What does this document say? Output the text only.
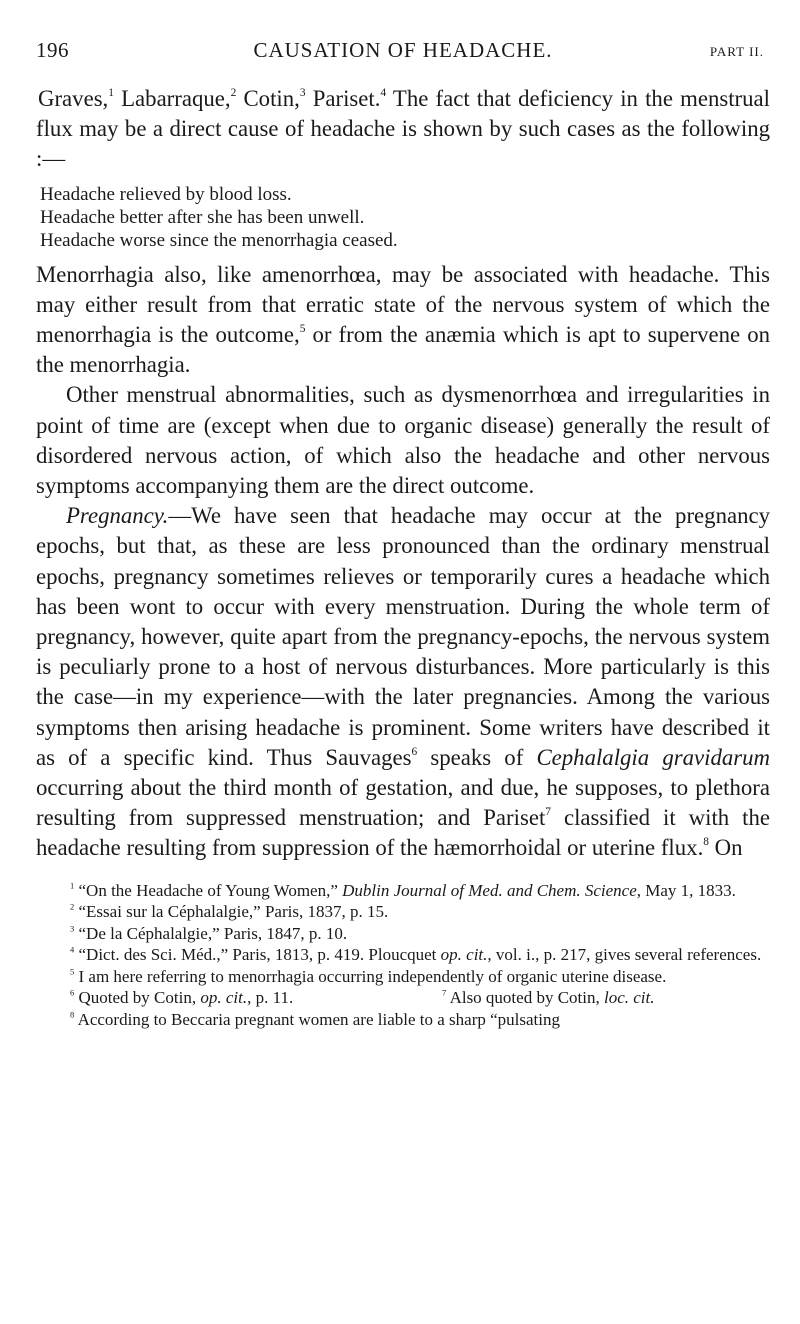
196	CAUSATION OF HEADACHE.	PART II.

Graves,$^1$ Labarraque,$^2$ Cotin,$^3$ Pariset.$^4$ The fact that deficiency in the menstrual flux may be a direct cause of headache is shown by such cases as the following :—

Headache relieved by blood loss.
Headache better after she has been unwell.
Headache worse since the menorrhagia ceased.

Menorrhagia also, like amenorrhœa, may be associated with headache. This may either result from that erratic state of the nervous system of which the menorrhagia is the outcome,$^5$ or from the anæmia which is apt to supervene on the menorrhagia.

Other menstrual abnormalities, such as dysmenorrhœa and irregularities in point of time are (except when due to organic disease) generally the result of disordered nervous action, of which also the headache and other nervous symptoms accompanying them are the direct outcome.

Pregnancy.—We have seen that headache may occur at the pregnancy epochs, but that, as these are less pronounced than the ordinary menstrual epochs, pregnancy sometimes relieves or temporarily cures a headache which has been wont to occur with every menstruation. During the whole term of pregnancy, however, quite apart from the pregnancy-epochs, the nervous system is peculiarly prone to a host of nervous disturbances. More particularly is this the case—in my experience—with the later pregnancies. Among the various symptoms then arising headache is prominent. Some writers have described it as of a specific kind. Thus Sauvages$^6$ speaks of Cephalalgia gravidarum occurring about the third month of gestation, and due, he supposes, to plethora resulting from suppressed menstruation; and Pariset$^7$ classified it with the headache resulting from suppression of the hæmorrhoidal or uterine flux.$^8$ On

$^1$ “On the Headache of Young Women,” Dublin Journal of Med. and Chem. Science, May 1, 1833.
$^2$ “Essai sur la Céphalalgie,” Paris, 1837, p. 15.
$^3$ “De la Céphalalgie,” Paris, 1847, p. 10.
$^4$ “Dict. des Sci. Méd.,” Paris, 1813, p. 419. Ploucquet op. cit., vol. i., p. 217, gives several references.
$^5$ I am here referring to menorrhagia occurring independently of organic uterine disease.
$^6$ Quoted by Cotin, op. cit., p. 11.	$^7$ Also quoted by Cotin, loc. cit.
$^8$ According to Beccaria pregnant women are liable to a sharp “pulsating
